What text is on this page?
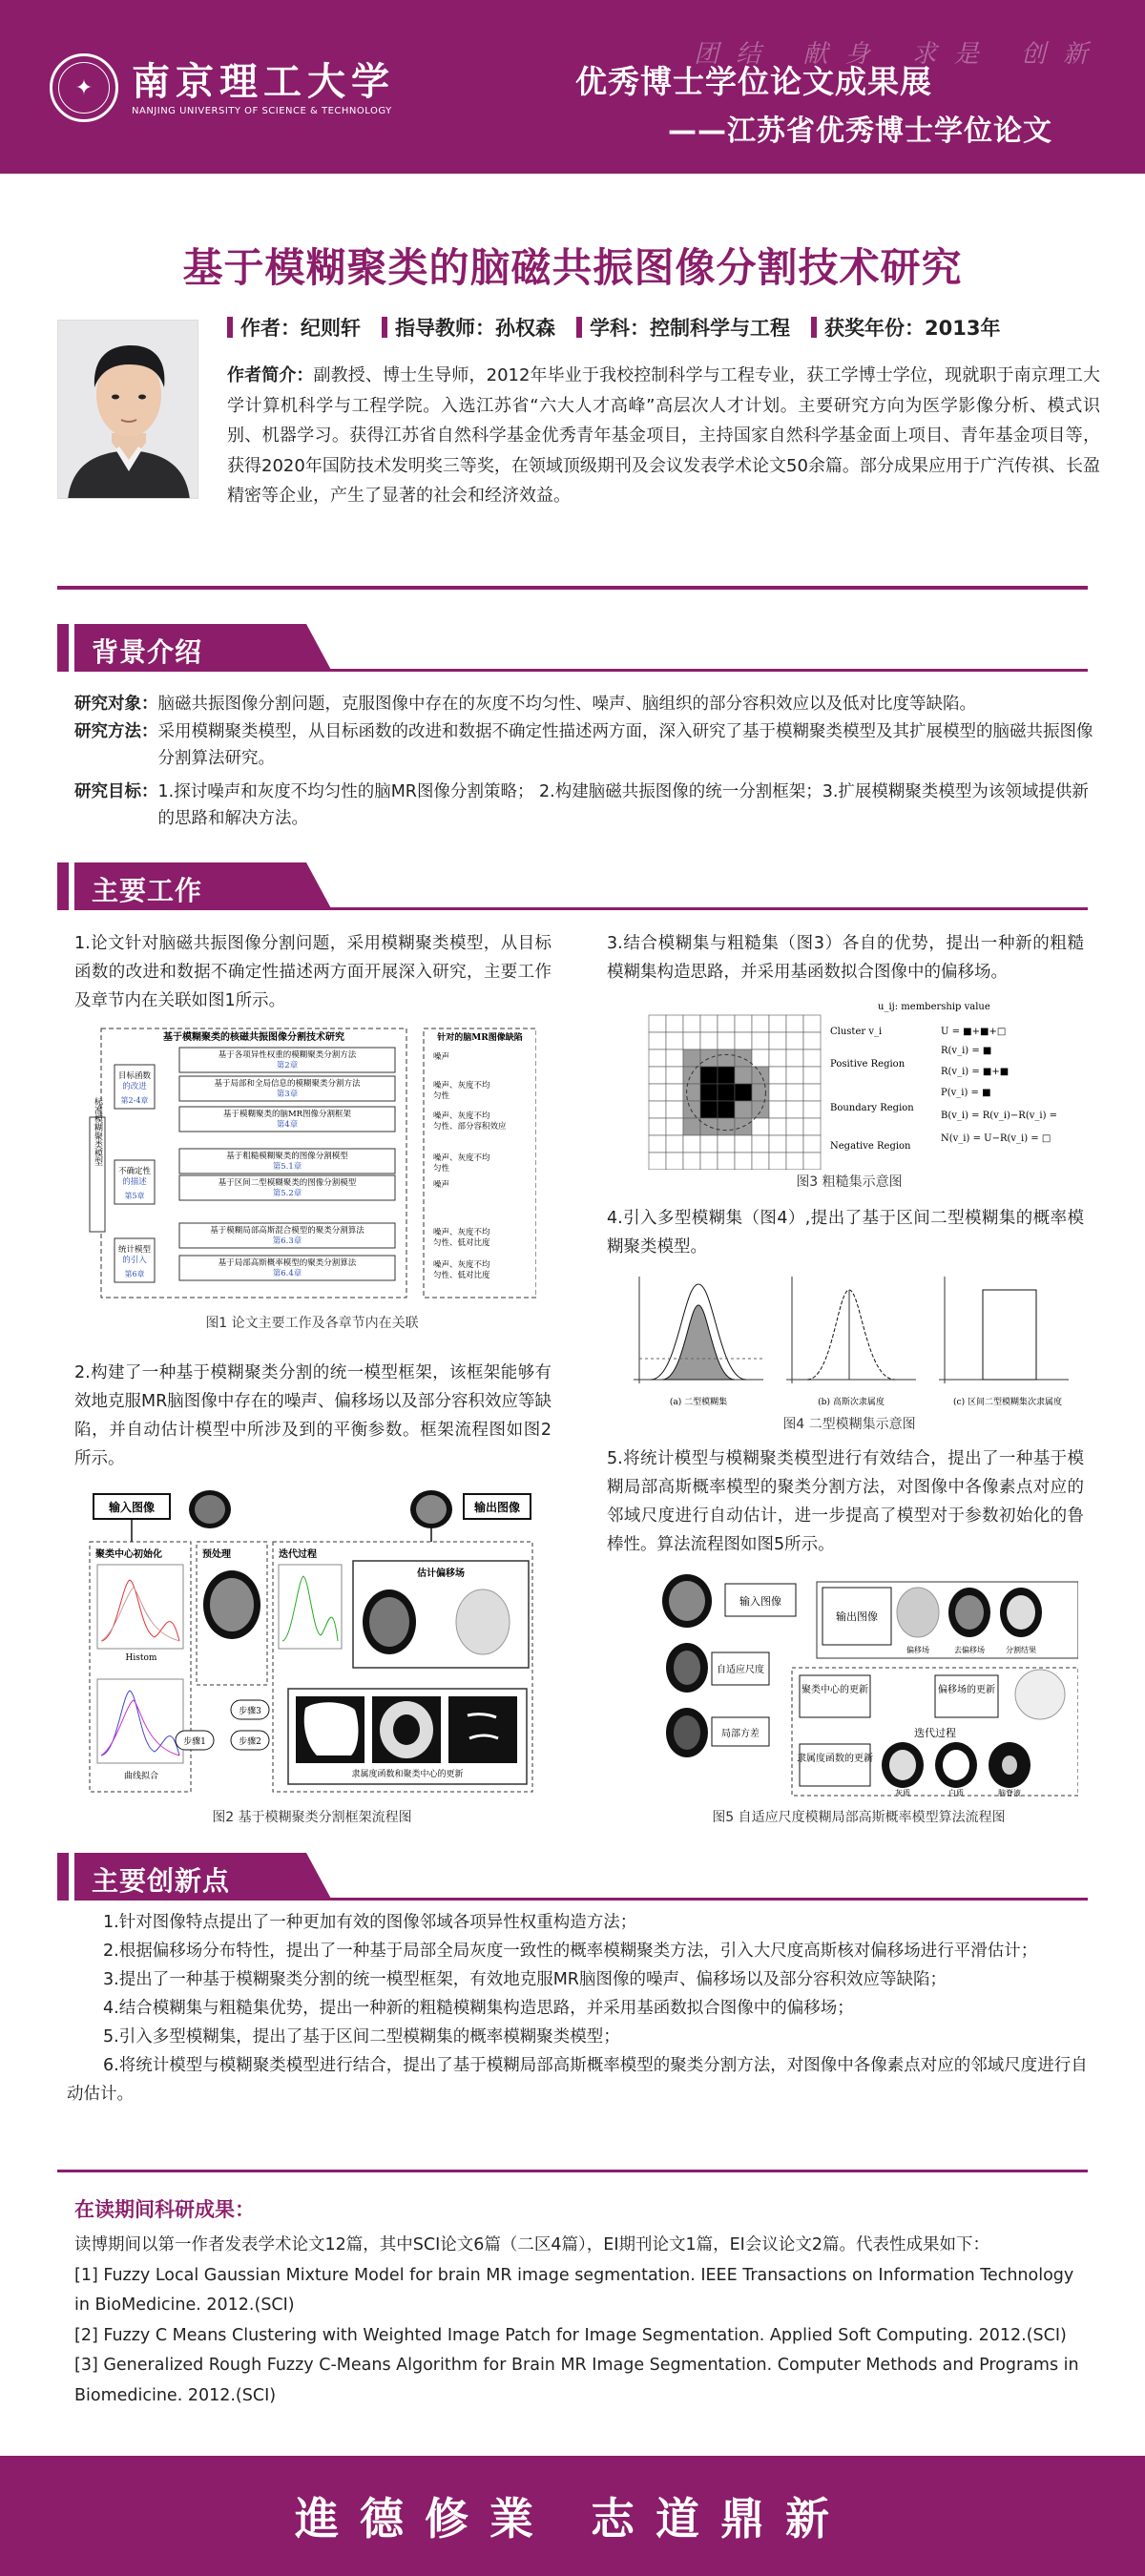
✦	南京理工大学
NANJING UNIVERSITY OF SCIENCE & TECHNOLOGY
团结 献身 求是 创新
优秀博士学位论文成果展
——江苏省优秀博士学位论文
基于模糊聚类的脑磁共振图像分割技术研究
作者：纪则轩 指导教师：孙权森 学科：控制科学与工程 获奖年份：2013年
作者简介：副教授、博士生导师，2012年毕业于我校控制科学与工程专业，获工学博士学位，现就职于南京理工大学计算机科学与工程学院。入选江苏省“六大人才高峰”高层次人才计划。主要研究方向为医学影像分析、模式识别、机器学习。获得江苏省自然科学基金优秀青年基金项目，主持国家自然科学基金面上项目、青年基金项目等，获得2020年国防技术发明奖三等奖，在领域顶级期刊及会议发表学术论文50余篇。部分成果应用于广汽传祺、长盈精密等企业，产生了显著的社会和经济效益。
背景介绍
研究对象： 脑磁共振图像分割问题，克服图像中存在的灰度不均匀性、噪声、脑组织的部分容积效应以及低对比度等缺陷。
研究方法： 采用模糊聚类模型，从目标函数的改进和数据不确定性描述两方面，深入研究了基于模糊聚类模型及其扩展模型的脑磁共振图像分割算法研究。
研究目标： 1.探讨噪声和灰度不均匀性的脑MR图像分割策略； 2.构建脑磁共振图像的统一分割框架；3.扩展模糊聚类模型为该领域提供新的思路和解决方法。
主要工作
1.论文针对脑磁共振图像分割问题，采用模糊聚类模型，从目标函数的改进和数据不确定性描述两方面开展深入研究，主要工作及章节内在关联如图1所示。
基于模糊聚类的核磁共振图像分割技术研究	针对的脑MR图像缺陷
标准模糊聚类模型
目标函数
的改进
第2-4章
不确定性
的描述
第5章
统计模型
的引入
第6章
基于各项异性权重的模糊聚类分割方法
第2章
基于局部和全局信息的模糊聚类分割方法
第3章
基于模糊聚类的脑MR图像分割框架
第4章
基于粗糙模糊聚类的图像分割模型
第5.1章
基于区间二型模糊聚类的图像分割模型
第5.2章
基于模糊局部高斯混合模型的聚类分割算法
第6.3章
基于局部高斯概率模型的聚类分割算法
第6.4章
噪声
噪声、灰度不均
匀性
噪声、灰度不均
匀性、部分容积效应
噪声、灰度不均
匀性
噪声
噪声、灰度不均
匀性、低对比度
噪声、灰度不均
匀性、低对比度
图1 论文主要工作及各章节内在关联
2.构建了一种基于模糊聚类分割的统一模型框架，该框架能够有效地克服MR脑图像中存在的噪声、偏移场以及部分容积效应等缺陷，并自动估计模型中所涉及到的平衡参数。框架流程图如图2所示。
输入图像	输出图像
聚类中心初始化
Histom
曲线拟合
预处理	迭代过程
估计偏移场
步骤3
步骤1	步骤2
隶属度函数和聚类中心的更新
图2 基于模糊聚类分割框架流程图
3.结合模糊集与粗糙集（图3）各自的优势，提出一种新的粗糙模糊集构造思路，并采用基函数拟合图像中的偏移场。
u_ij: membership value
Cluster v_i
Positive Region
Boundary Region
Negative Region
U = ■+■+□
R(v_i) = ■
R(v_i) = ■+■
P(v_i) = ■
B(v_i) = R(v_i)−R(v_i) = ■
N(v_i) = U−R(v_i) = □
图3 粗糙集示意图
4.引入多型模糊集（图4）,提出了基于区间二型模糊集的概率模糊聚类模型。
(a) 二型模糊集	(b) 高斯次隶属度	(c) 区间二型模糊集次隶属度
图4 二型模糊集示意图
5.将统计模型与模糊聚类模型进行有效结合，提出了一种基于模糊局部高斯概率模型的聚类分割方法，对图像中各像素点对应的邻域尺度进行自动估计，进一步提高了模型对于参数初始化的鲁棒性。算法流程图如图5所示。
输入图像
自适应尺度
局部方差
输出图像
偏移场	去偏移场	分割结果
聚类中心的更新	偏移场的更新
迭代过程
隶属度函数的更新
灰质	白质	脑脊液
图5 自适应尺度模糊局部高斯概率模型算法流程图
主要创新点

1.针对图像特点提出了一种更加有效的图像邻域各项异性权重构造方法；

2.根据偏移场分布特性，提出了一种基于局部全局灰度一致性的概率模糊聚类方法，引入大尺度高斯核对偏移场进行平滑估计；

3.提出了一种基于模糊聚类分割的统一模型框架，有效地克服MR脑图像的噪声、偏移场以及部分容积效应等缺陷；

4.结合模糊集与粗糙集优势，提出一种新的粗糙模糊集构造思路，并采用基函数拟合图像中的偏移场；

5.引入多型模糊集，提出了基于区间二型模糊集的概率模糊聚类模型；

6.将统计模型与模糊聚类模型进行结合，提出了基于模糊局部高斯概率模型的聚类分割方法，对图像中各像素点对应的邻域尺度进行自动估计。

在读期间科研成果：
读博期间以第一作者发表学术论文12篇，其中SCI论文6篇（二区4篇），EI期刊论文1篇，EI会议论文2篇。代表性成果如下：
[1] Fuzzy Local Gaussian Mixture Model for brain MR image segmentation. IEEE Transactions on Information Technology in BioMedicine. 2012.(SCI)
[2] Fuzzy C Means Clustering with Weighted Image Patch for Image Segmentation. Applied Soft Computing. 2012.(SCI)
[3] Generalized Rough Fuzzy C-Means Algorithm for Brain MR Image Segmentation. Computer Methods and Programs in Biomedicine. 2012.(SCI)
進德修業 志道鼎新
